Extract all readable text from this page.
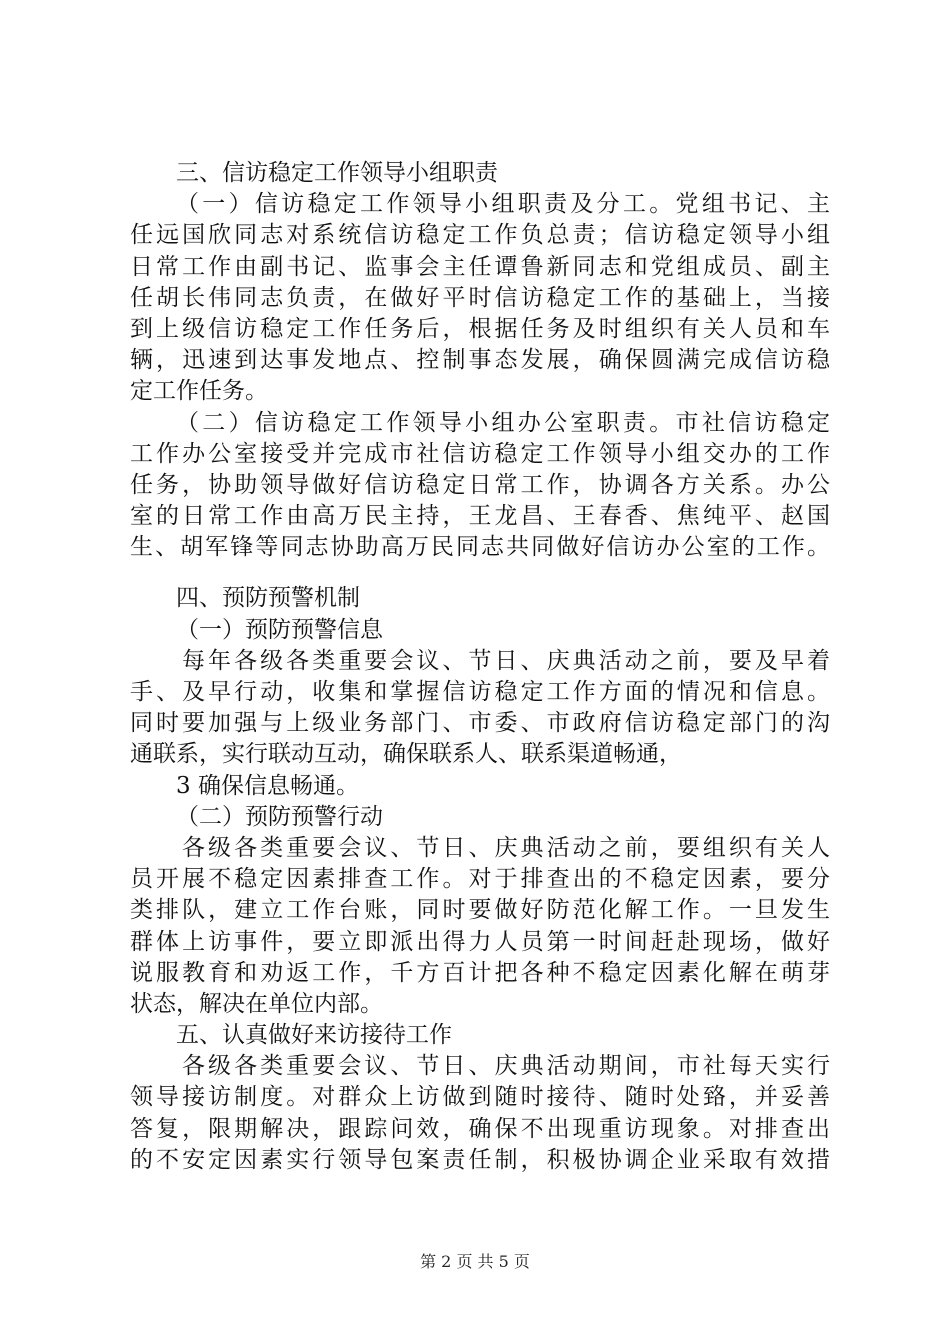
三、信访稳定工作领导小组职责
（一）信访稳定工作领导小组职责及分工。党组书记、主
任远国欣同志对系统信访稳定工作负总责；信访稳定领导小组
日常工作由副书记、监事会主任谭鲁新同志和党组成员、副主
任胡长伟同志负责，在做好平时信访稳定工作的基础上，当接
到上级信访稳定工作任务后，根据任务及时组织有关人员和车
辆，迅速到达事发地点、控制事态发展，确保圆满完成信访稳
定工作任务。
（二）信访稳定工作领导小组办公室职责。市社信访稳定
工作办公室接受并完成市社信访稳定工作领导小组交办的工作
任务，协助领导做好信访稳定日常工作，协调各方关系。办公
室的日常工作由高万民主持，王龙昌、王春香、焦纯平、赵国
生、胡军锋等同志协助高万民同志共同做好信访办公室的工作。
四、预防预警机制
（一）预防预警信息
每年各级各类重要会议、节日、庆典活动之前，要及早着
手、及早行动，收集和掌握信访稳定工作方面的情况和信息。
同时要加强与上级业务部门、市委、市政府信访稳定部门的沟
通联系，实行联动互动，确保联系人、联系渠道畅通，
3 确保信息畅通。
（二）预防预警行动
各级各类重要会议、节日、庆典活动之前，要组织有关人
员开展不稳定因素排查工作。对于排查出的不稳定因素，要分
类排队，建立工作台账，同时要做好防范化解工作。一旦发生
群体上访事件，要立即派出得力人员第一时间赶赴现场，做好
说服教育和劝返工作，千方百计把各种不稳定因素化解在萌芽
状态，解决在单位内部。
五、认真做好来访接待工作
各级各类重要会议、节日、庆典活动期间，市社每天实行
领导接访制度。对群众上访做到随时接待、随时处臵，并妥善
答复，限期解决，跟踪问效，确保不出现重访现象。对排查出
的不安定因素实行领导包案责任制，积极协调企业采取有效措
第 2 页 共 5 页
